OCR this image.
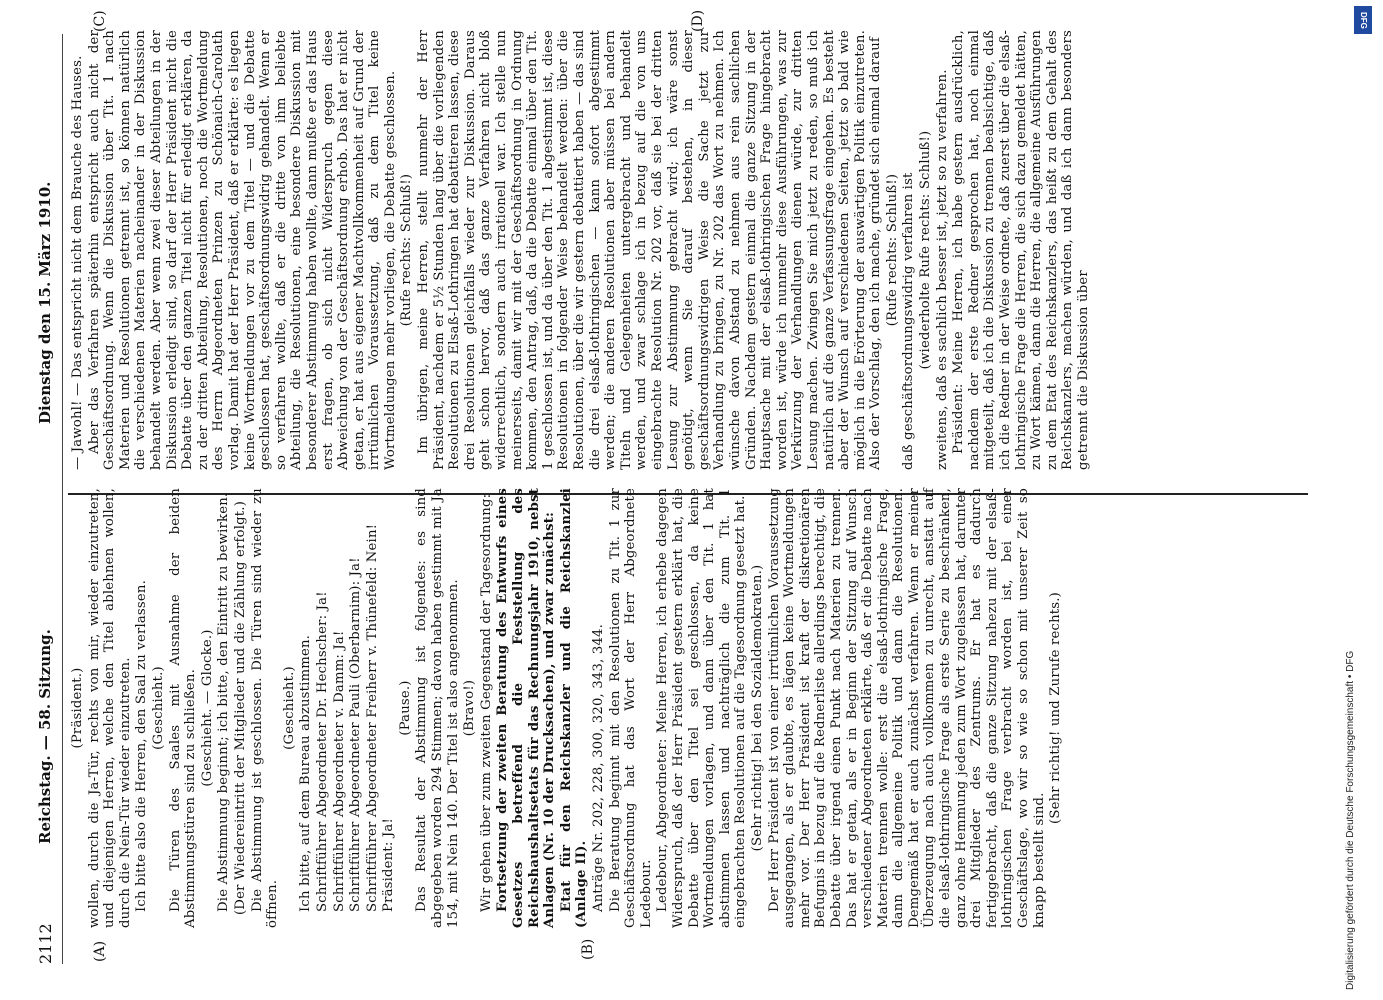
2112
Reichstag. — 58. Sitzung.
Dienstag den 15. März 1910.
(A)	(B)
(C)	(D)

(Präsident.) wollen, durch die Ja-Tür, rechts von mir, wieder einzutreten, und diejenigen Herren, welche den Titel ablehnen wollen, durch die Nein-Tür wieder einzutreten. Ich bitte also die Herren, den Saal zu verlassen. (Geschieht.) Die Türen des Saales mit Ausnahme der beiden Abstimmungstüren sind zu schließen. (Geschieht. — Glocke.) Die Abstimmung beginnt; ich bitte, den Eintritt zu bewirken. (Der Wiedereintritt der Mitglieder und die Zählung erfolgt.) Die Abstimmung ist geschlossen. Die Türen sind wieder zu öffnen.

(Geschieht.) Ich bitte, auf dem Bureau abzustimmen. Schriftführer Abgeordneter Dr. Hechscher: Ja! Schriftführer Abgeordneter v. Damm: Ja! Schriftführer Abgeordneter Pauli (Oberbarnim): Ja! Schriftführer Abgeordneter Freiherr v. Thünefeld: Nein! Präsident: Ja!

(Pause.) Das Resultat der Abstimmung ist folgendes: es sind abgegeben worden 294 Stimmen; davon haben gestimmt mit Ja 154, mit Nein 140. Der Titel ist also angenommen. (Bravo!) Wir gehen über zum zweiten Gegenstand der Tagesordnung: Fortsetzung der zweiten Beratung des Entwurfs eines Gesetzes betreffend die Feststellung des Reichshaushaltsetats für das Rechnungsjahr 1910, nebst Anlagen (Nr. 10 der Drucksachen), und zwar zunächst: Etat für den Reichskanzler und die Reichskanzlei (Anlage II). Anträge Nr. 202, 228, 300, 320, 343, 344. Die Beratung beginnt mit den Resolutionen zu Tit. 1 zur Geschäftsordnung hat das Wort der Herr Abgeordnete Ledebour. Ledebour, Abgeordneter: Meine Herren, ich erhebe dagegen Widerspruch, daß der Herr Präsident gestern erklärt hat, die Debatte über den Titel sei geschlossen, da keine Wortmeldungen vorlagen, und dann über den Tit. 1 hat abstimmen lassen und nachträglich die zum Tit. 1 eingebrachten Resolutionen auf die Tagesordnung gesetzt hat. (Sehr richtig! bei den Sozialdemokraten.) Der Herr Präsident ist von einer irrtümlichen Voraussetzung ausgegangen, als er glaubte, es lägen keine Wortmeldungen mehr vor. Der Herr Präsident ist kraft der diskretionären Befugnis in bezug auf die Rednerliste allerdings berechtigt, die Debatte über irgend einen Punkt nach Materien zu trennen. Das hat er getan, als er in Beginn der Sitzung auf Wunsch verschiedener Abgeordneten erklärte, daß er die Debatte nach Materien trennen wolle: erst die elsaß-lothringische Frage, dann die allgemeine Politik und dann die Resolutionen. Demgemäß hat er auch zunächst verfahren. Wenn er meiner Überzeugung nach auch vollkommen zu unrecht, anstatt auf die elsaß-lothringische Frage als erste Serie zu beschränken, ganz ohne Hemmung jeden zum Wort zugelassen hat, darunter drei Mitglieder des Zentrums. Er hat es dadurch fertiggebracht, daß die ganze Sitzung nahezu mit der elsaß-lothringischen Frage verbracht worden ist, bei einer Geschäftslage, wo wir so wie so schon mit unserer Zeit so knapp bestellt sind.

(Sehr richtig! und Zurufe rechts.)

— Jawohl! — Das entspricht nicht dem Brauche des Hauses. Aber das Verfahren späterhin entspricht auch nicht der Geschäftsordnung. Wenn die Diskussion über Tit. 1 nach Materien und Resolutionen getrennt ist, so können natürlich die verschiedenen Materien nacheinander in der Diskussion behandelt werden. Aber wenn zwei dieser Abteilungen in der Diskussion erledigt sind, so darf der Herr Präsident nicht die Debatte über den ganzen Titel nicht für erledigt erklären, da zu der dritten Abteilung, Resolutionen, noch die Wortmeldung des Herrn Abgeordneten Prinzen zu Schönaich-Carolath vorlag. Damit hat der Herr Präsident, daß er erklärte: es liegen keine Wortmeldungen vor zu dem Titel — und die Debatte geschlossen hat, geschäftsordnungswidrig gehandelt. Wenn er so verfahren wollte, daß er die dritte von ihm beliebte Abteilung, die Resolutionen, eine besondere Diskussion mit besonderer Abstimmung haben wollte, dann mußte er das Haus erst fragen, ob sich nicht Widerspruch gegen diese Abweichung von der Geschäftsordnung erhob. Das hat er nicht getan, er hat aus eigener Machtvollkommenheit auf Grund der irrtümlichen Voraussetzung, daß zu dem Titel keine Wortmeldungen mehr vorliegen, die Debatte geschlossen. (Rufe rechts: Schluß!) Im übrigen, meine Herren, stellt nunmehr der Herr Präsident, nachdem er 5½ Stunden lang über die vorliegenden Resolutionen zu Elsaß-Lothringen hat debattieren lassen, diese drei Resolutionen gleichfalls wieder zur Diskussion. Daraus geht schon hervor, daß das ganze Verfahren nicht bloß widerrechtlich, sondern auch irrationell war. Ich stelle nun meinerseits, damit wir mit der Geschäftsordnung in Ordnung kommen, den Antrag, daß, da die Debatte einmal über den Tit. 1 geschlossen ist, und da über den Tit. 1 abgestimmt ist, diese Resolutionen in folgender Weise behandelt werden: über die Resolutionen, über die wir gestern debattiert haben — das sind die drei elsaß-lothringischen — kann sofort abgestimmt werden; die anderen Resolutionen aber müssen bei andern Titeln und Gelegenheiten untergebracht und behandelt werden, und zwar schlage ich in bezug auf die von uns eingebrachte Resolution Nr. 202 vor, daß sie bei der dritten Lesung zur Abstimmung gebracht wird; ich wäre sonst genötigt, wenn Sie darauf bestehen, in dieser geschäftsordnungswidrigen Weise die Sache jetzt zur Verhandlung zu bringen, zu Nr. 202 das Wort zu nehmen. Ich wünsche davon Abstand zu nehmen aus rein sachlichen Gründen. Nachdem gestern einmal die ganze Sitzung in der Hauptsache mit der elsaß-lothringischen Frage hingebracht worden ist, würde ich nunmehr diese Ausführungen, was zur Verkürzung der Verhandlungen dienen würde, zur dritten Lesung machen. Zwingen Sie mich jetzt zu reden, so muß ich natürlich auf die ganze Verfassungsfrage eingehen. Es besteht aber der Wunsch auf verschiedenen Seiten, jetzt so bald wie möglich in die Erörterung der auswärtigen Politik einzutreten. Also der Vorschlag, den ich mache, gründet sich einmal darauf (Rufe rechts: Schluß!) daß geschäftsordnungswidrig verfahren ist (wiederholte Rufe rechts: Schluß!) zweitens, daß es sachlich besser ist, jetzt so zu verfahren. Präsident: Meine Herren, ich habe gestern ausdrücklich, nachdem der erste Redner gesprochen hat, noch einmal mitgeteilt, daß ich die Diskussion zu trennen beabsichtige, daß ich die Redner in der Weise ordnete, daß zuerst über die elsaß-lothringische Frage die Herren, die sich dazu gemeldet hätten, zu Wort kämen, dann die Herren, die allgemeine Ausführungen zu dem Etat des Reichskanzlers, das heißt zu dem Gehalt des Reichskanzlers, machen würden, und daß ich dann besonders getrennt die Diskussion über

Digitalisierung gefördert durch die Deutsche Forschungsgemeinschaft • DFG
DFG
